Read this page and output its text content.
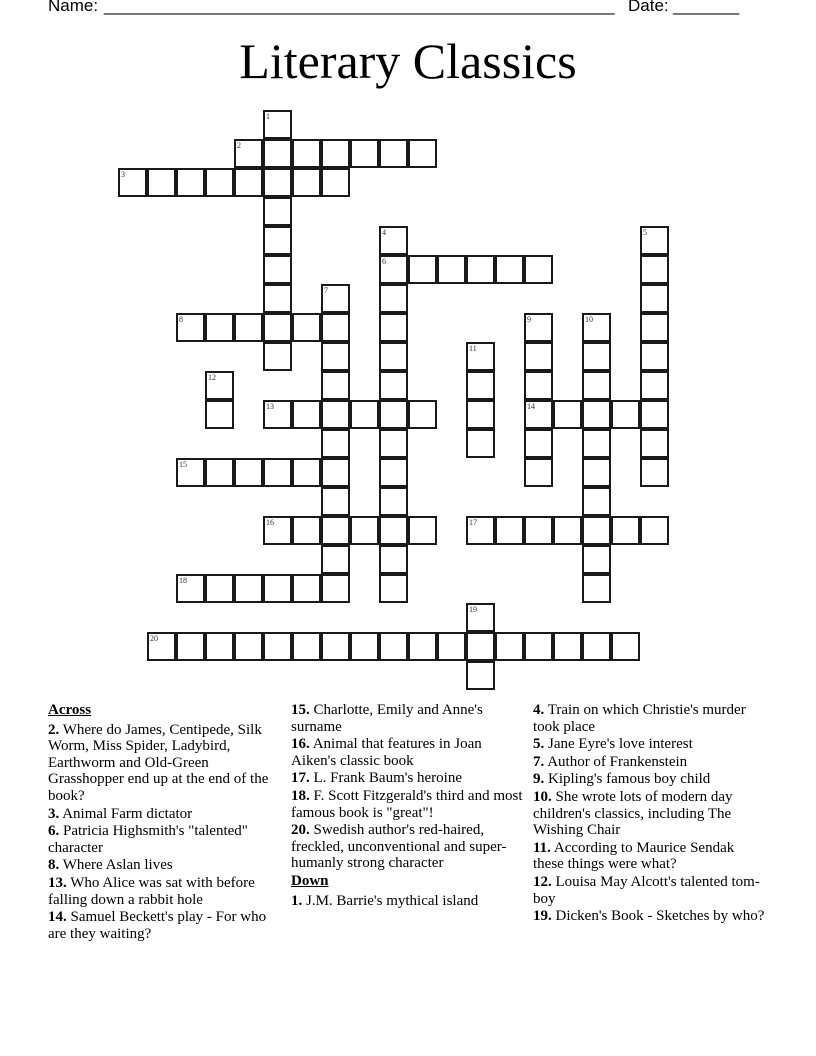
Name: ______________________________________________________ Date: _______
Literary Classics
1
2
3
4
6
5
7
8	9
14
10
11
12
13
15
16	17
18
19
20
Across
2. Where do James, Centipede, Silk Worm, Miss Spider, Ladybird, Earthworm and Old-Green Grasshopper end up at the end of the book?
3. Animal Farm dictator
6. Patricia Highsmith's "talented" character
8. Where Aslan lives
13. Who Alice was sat with before falling down a rabbit hole
14. Samuel Beckett's play - For who are they waiting?
15. Charlotte, Emily and Anne's surname
16. Animal that features in Joan Aiken's classic book
17. L. Frank Baum's heroine
18. F. Scott Fitzgerald's third and most famous book is "great"!
20. Swedish author's red-haired, freckled, unconventional and super-humanly strong character
Down
1. J.M. Barrie's mythical island
4. Train on which Christie's murder took place
5. Jane Eyre's love interest
7. Author of Frankenstein
9. Kipling's famous boy child
10. She wrote lots of modern day children's classics, including The Wishing Chair
11. According to Maurice Sendak these things were what?
12. Louisa May Alcott's talented tom-boy
19. Dicken's Book - Sketches by who?
